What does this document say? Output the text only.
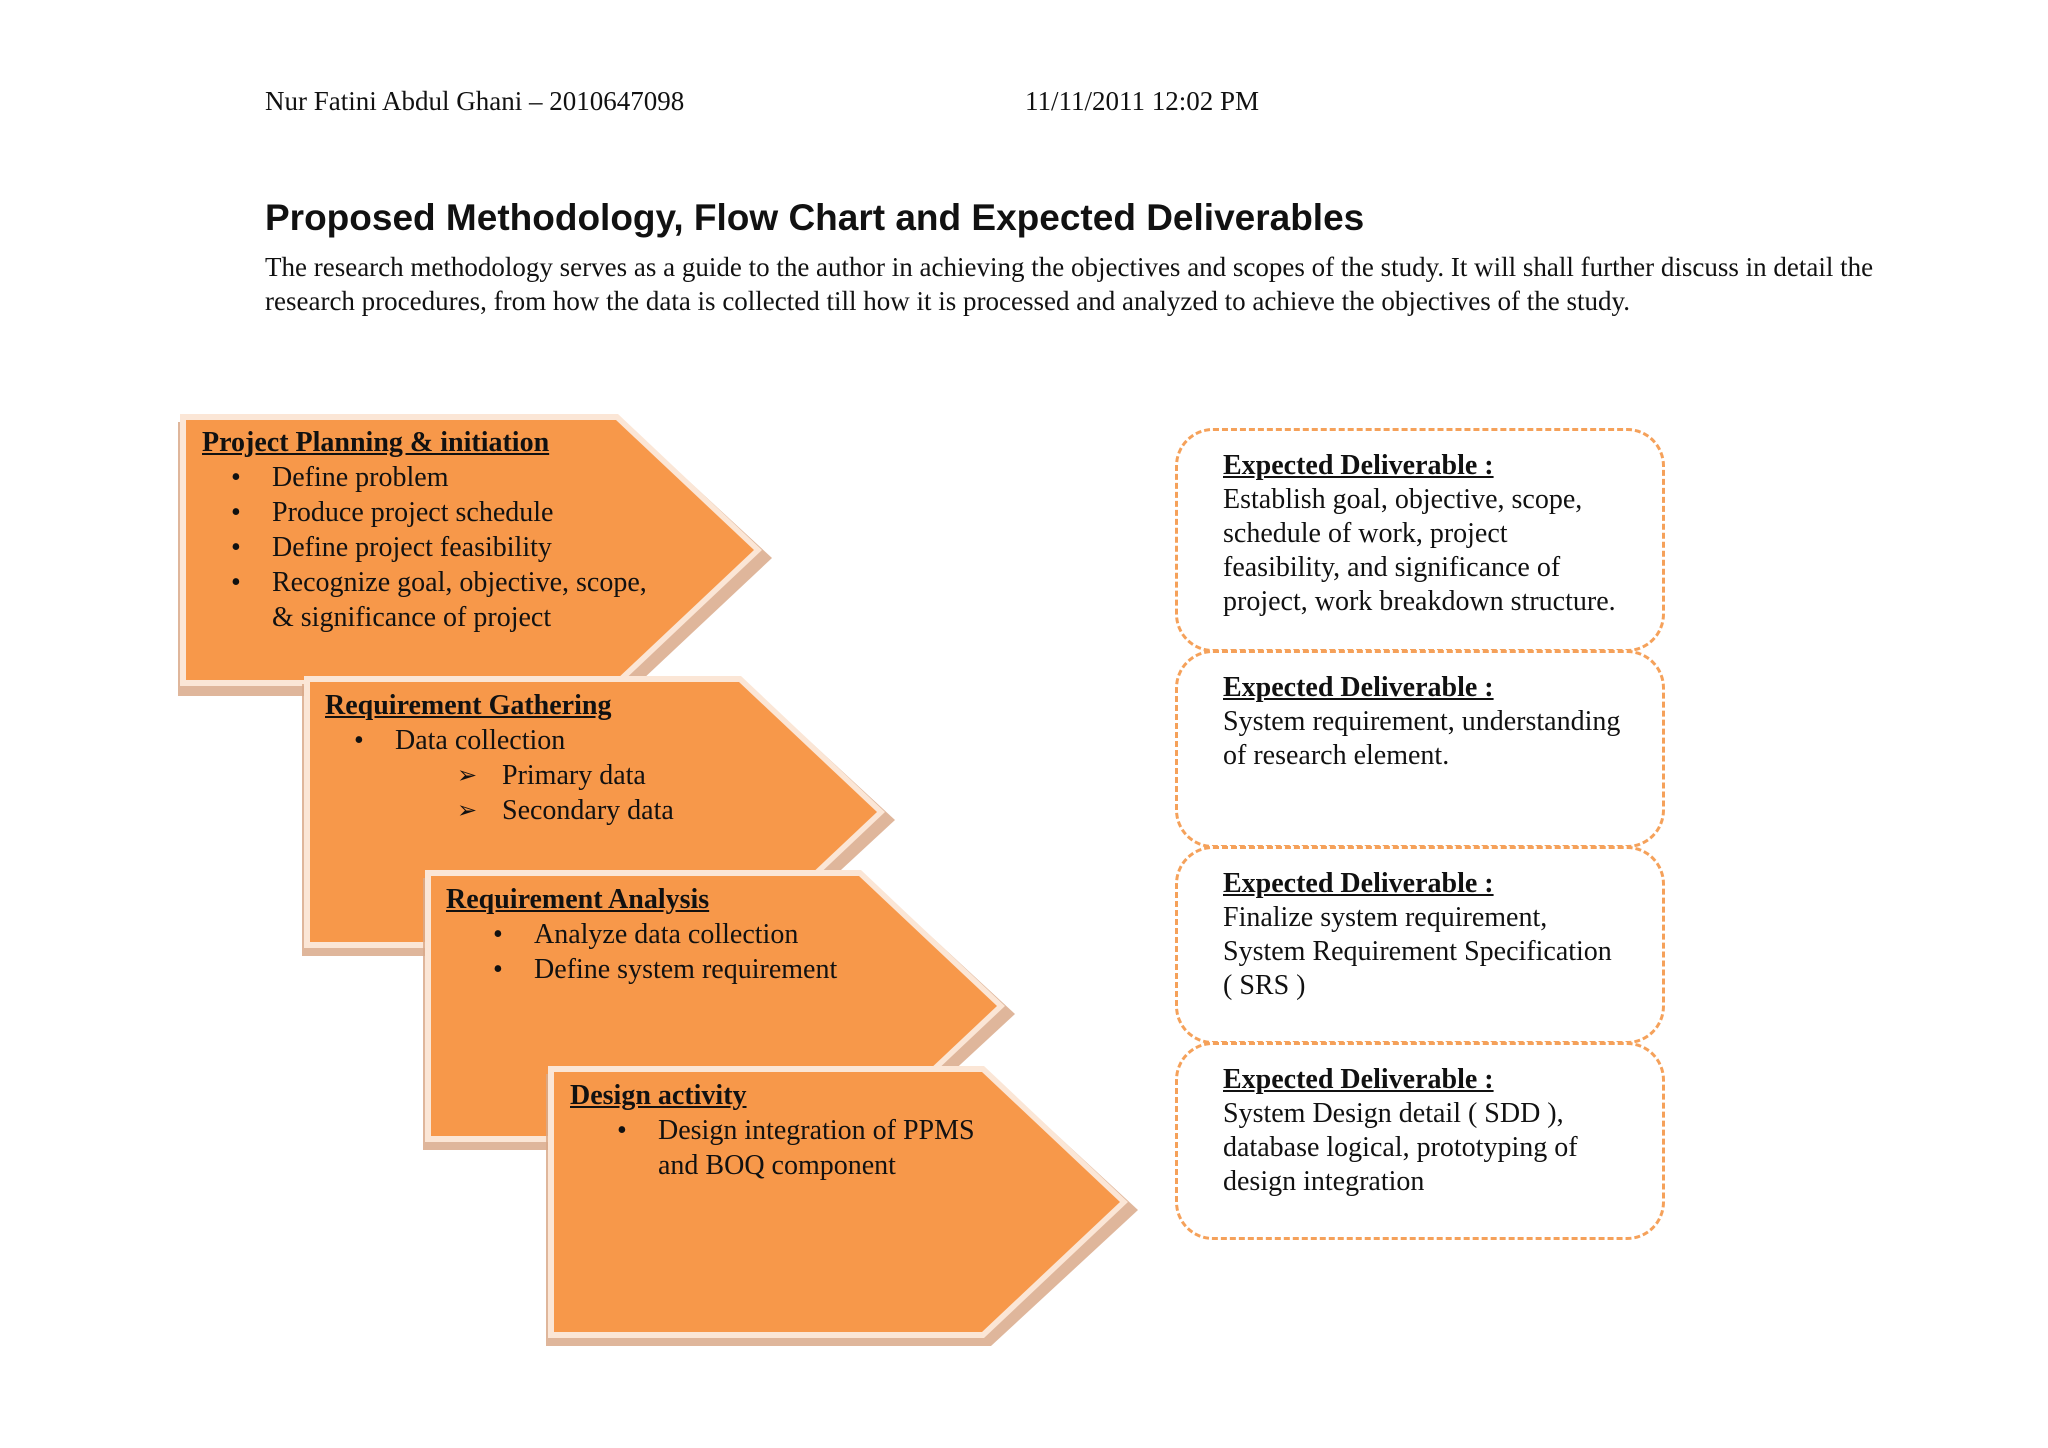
Nur Fatini Abdul Ghani – 2010647098	11/11/2011 12:02 PM
Proposed Methodology, Flow Chart and Expected Deliverables

The research methodology serves as a guide to the author in achieving the objectives and scopes of the study. It will shall further discuss in detail the research procedures, from how the data is collected till how it is processed and analyzed to achieve the objectives of the study.

Project Planning & initiation
• Define problem
• Produce project schedule
• Define project feasibility
• Recognize goal, objective, scope,
& significance of project
Requirement Gathering
• Data collection
➢ Primary data
➢ Secondary data
Requirement Analysis
• Analyze data collection
• Define system requirement
Design activity
• Design integration of PPMS
and BOQ component
Expected Deliverable :
Establish goal, objective, scope,
schedule of work, project
feasibility, and significance of
project, work breakdown structure.
Expected Deliverable :
System requirement, understanding
of research element.
Expected Deliverable :
Finalize system requirement,
System Requirement Specification
( SRS )
Expected Deliverable :
System Design detail ( SDD ),
database logical, prototyping of
design integration
